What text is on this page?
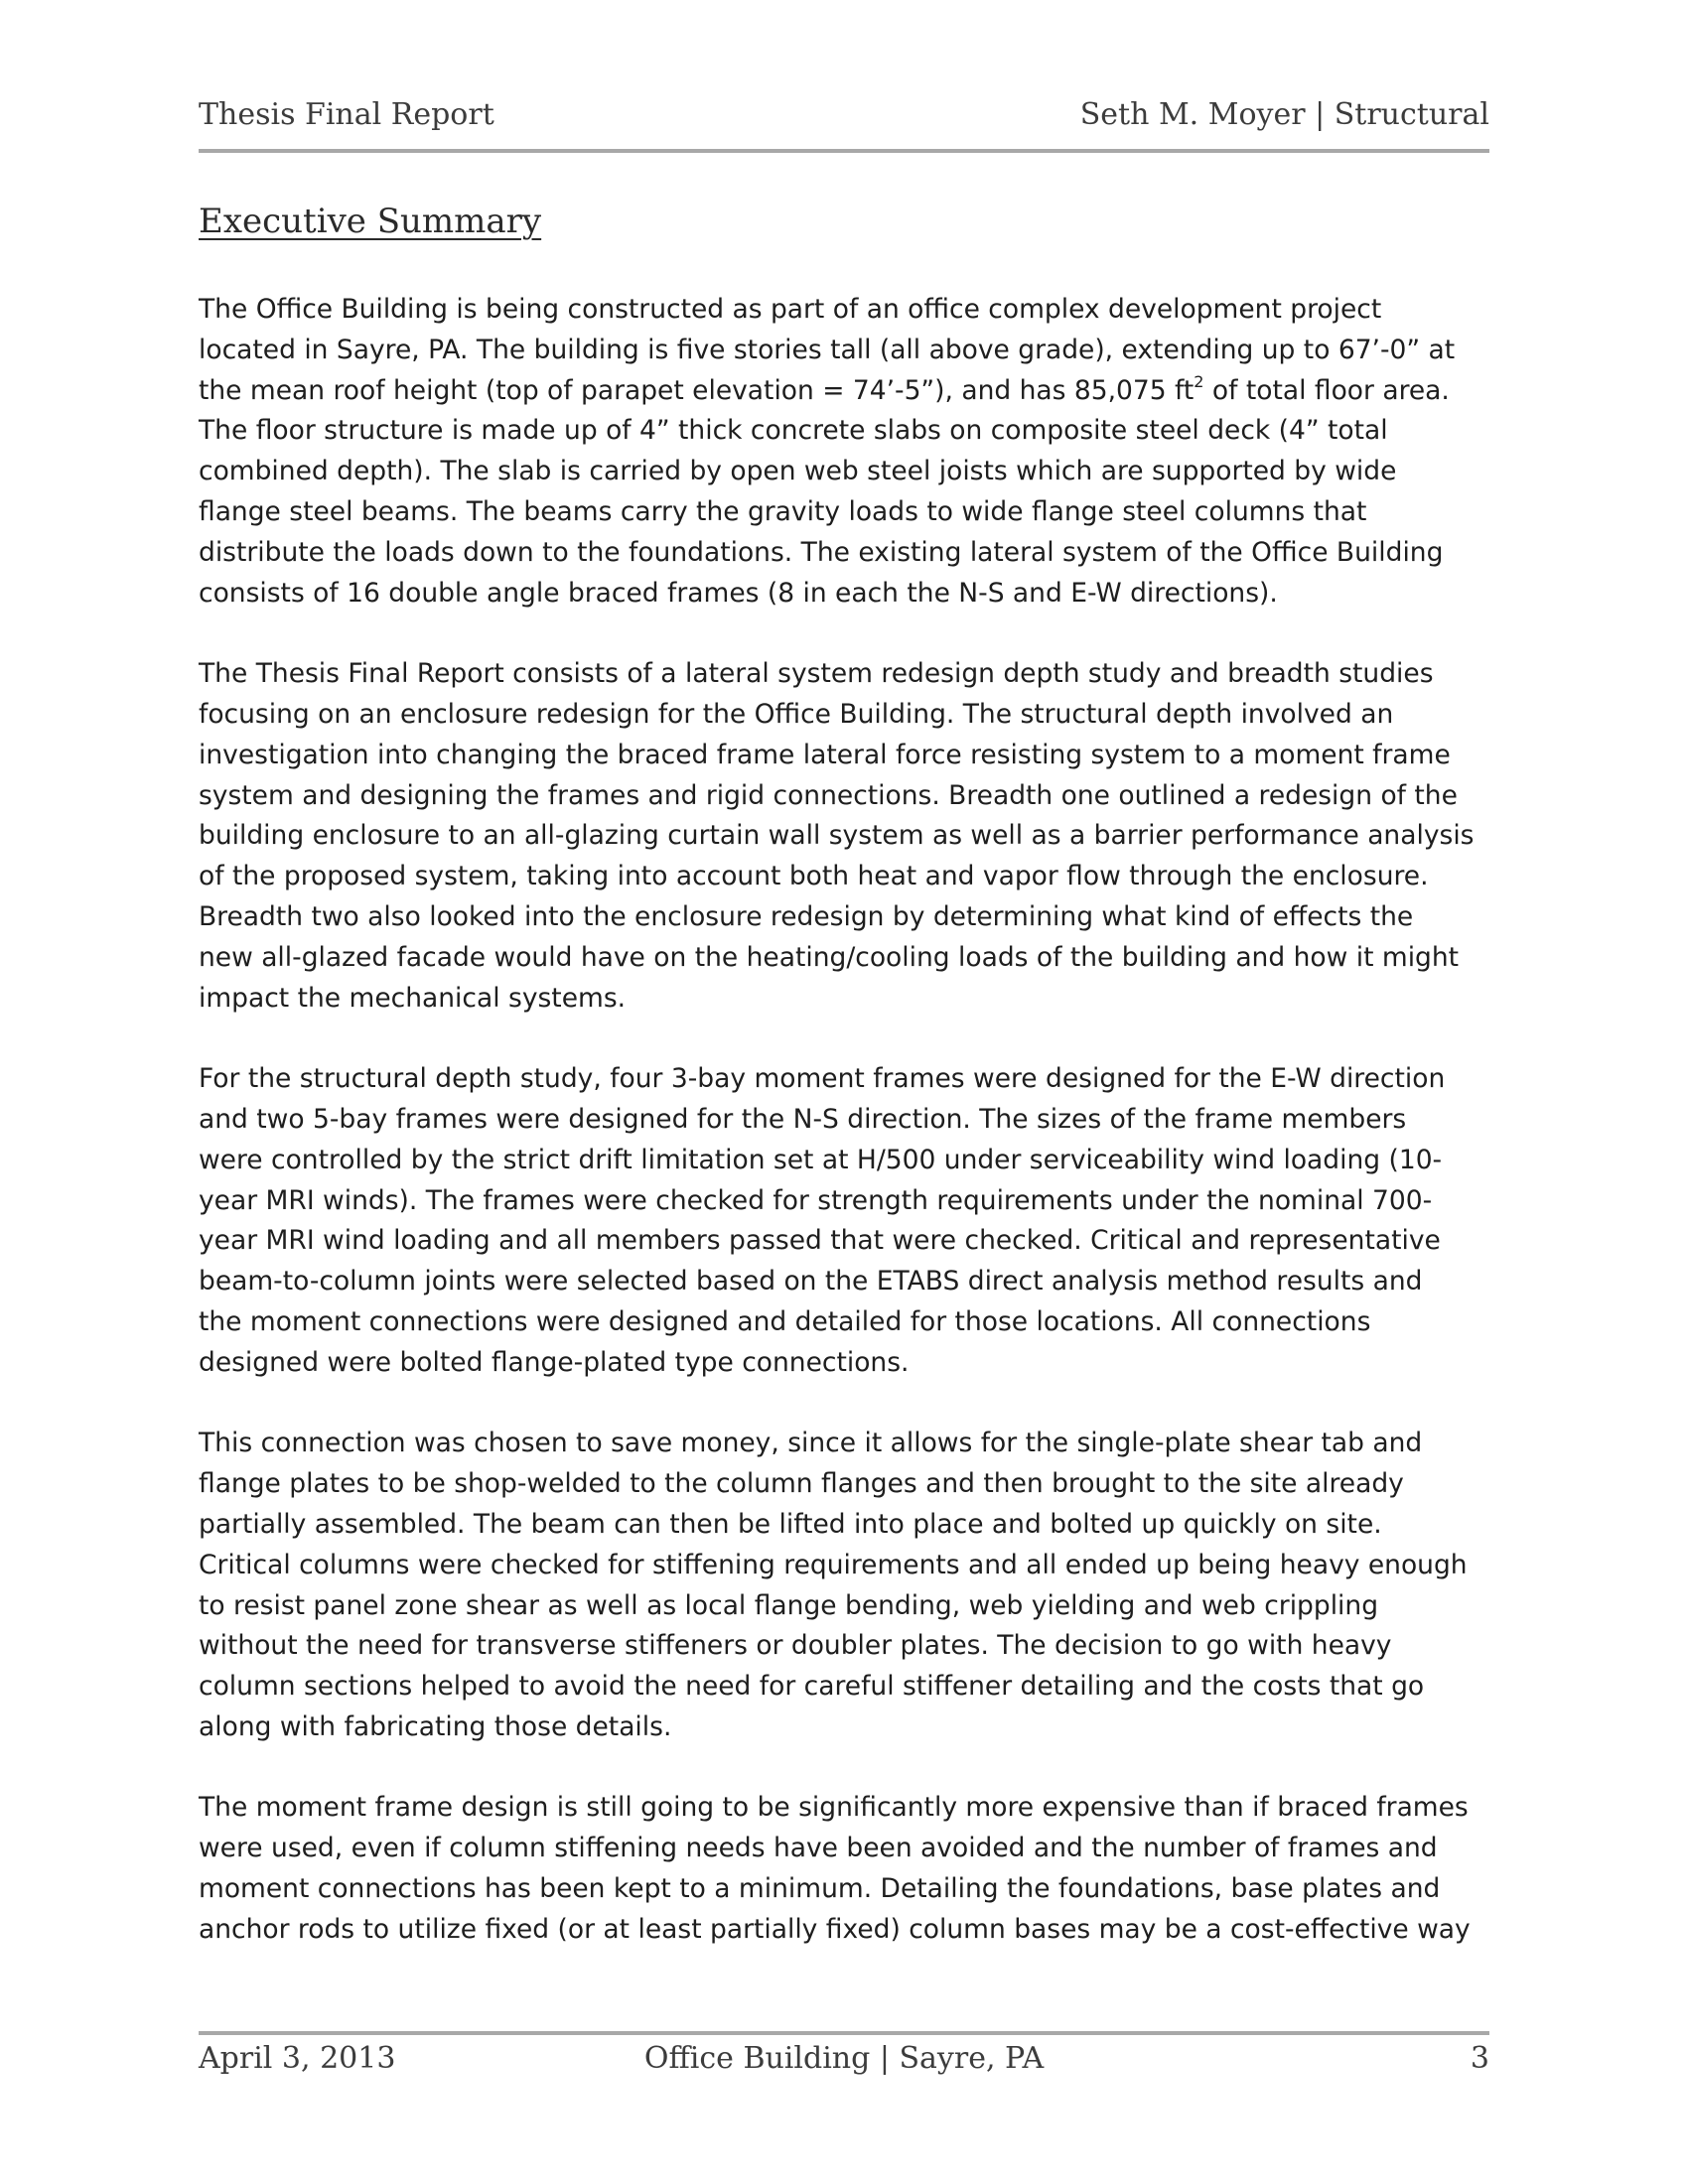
Thesis Final Report	Seth M. Moyer | Structural
Executive Summary
The Office Building is being constructed as part of an office complex development project
located in Sayre, PA. The building is five stories tall (all above grade), extending up to 67’-0” at
the mean roof height (top of parapet elevation = 74’-5”), and has 85,075 $ft^2$ of total floor area.
The floor structure is made up of 4” thick concrete slabs on composite steel deck (4” total
combined depth). The slab is carried by open web steel joists which are supported by wide
flange steel beams. The beams carry the gravity loads to wide flange steel columns that
distribute the loads down to the foundations. The existing lateral system of the Office Building
consists of 16 double angle braced frames (8 in each the N-S and E-W directions).
The Thesis Final Report consists of a lateral system redesign depth study and breadth studies
focusing on an enclosure redesign for the Office Building. The structural depth involved an
investigation into changing the braced frame lateral force resisting system to a moment frame
system and designing the frames and rigid connections. Breadth one outlined a redesign of the
building enclosure to an all-glazing curtain wall system as well as a barrier performance analysis
of the proposed system, taking into account both heat and vapor flow through the enclosure.
Breadth two also looked into the enclosure redesign by determining what kind of effects the
new all-glazed facade would have on the heating/cooling loads of the building and how it might
impact the mechanical systems.
For the structural depth study, four 3-bay moment frames were designed for the E-W direction
and two 5-bay frames were designed for the N-S direction. The sizes of the frame members
were controlled by the strict drift limitation set at H/500 under serviceability wind loading (10-
year MRI winds). The frames were checked for strength requirements under the nominal 700-
year MRI wind loading and all members passed that were checked. Critical and representative
beam-to-column joints were selected based on the ETABS direct analysis method results and
the moment connections were designed and detailed for those locations. All connections
designed were bolted flange-plated type connections.
This connection was chosen to save money, since it allows for the single-plate shear tab and
flange plates to be shop-welded to the column flanges and then brought to the site already
partially assembled. The beam can then be lifted into place and bolted up quickly on site.
Critical columns were checked for stiffening requirements and all ended up being heavy enough
to resist panel zone shear as well as local flange bending, web yielding and web crippling
without the need for transverse stiffeners or doubler plates. The decision to go with heavy
column sections helped to avoid the need for careful stiffener detailing and the costs that go
along with fabricating those details.
The moment frame design is still going to be significantly more expensive than if braced frames
were used, even if column stiffening needs have been avoided and the number of frames and
moment connections has been kept to a minimum. Detailing the foundations, base plates and
anchor rods to utilize fixed (or at least partially fixed) column bases may be a cost-effective way
April 3, 2013	Office Building | Sayre, PA	3
